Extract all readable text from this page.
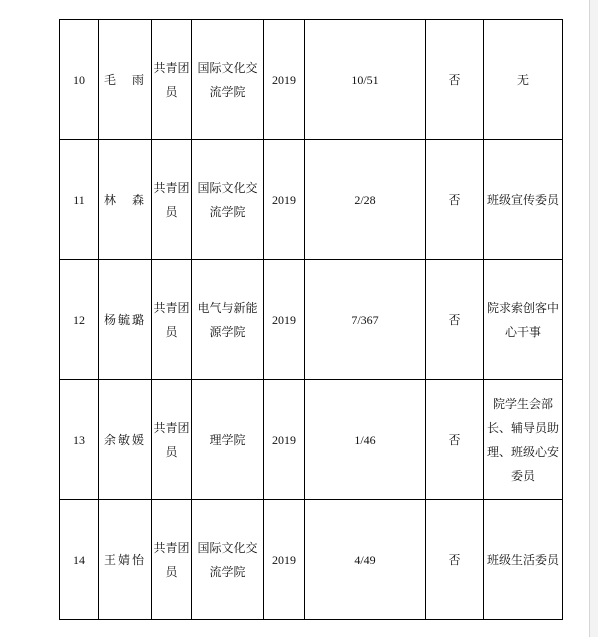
10	毛　雨	共青团员	国际文化交流学院	2019	10/51	否	无
11	林　森	共青团员	国际文化交流学院	2019	2/28	否	班级宣传委员
12	杨毓璐	共青团员	电气与新能源学院	2019	7/367	否	院求索创客中心干事
13	余敏媛	共青团员	理学院	2019	1/46	否	院学生会部长、辅导员助理、班级心安委员
14	王婧怡	共青团员	国际文化交流学院	2019	4/49	否	班级生活委员
